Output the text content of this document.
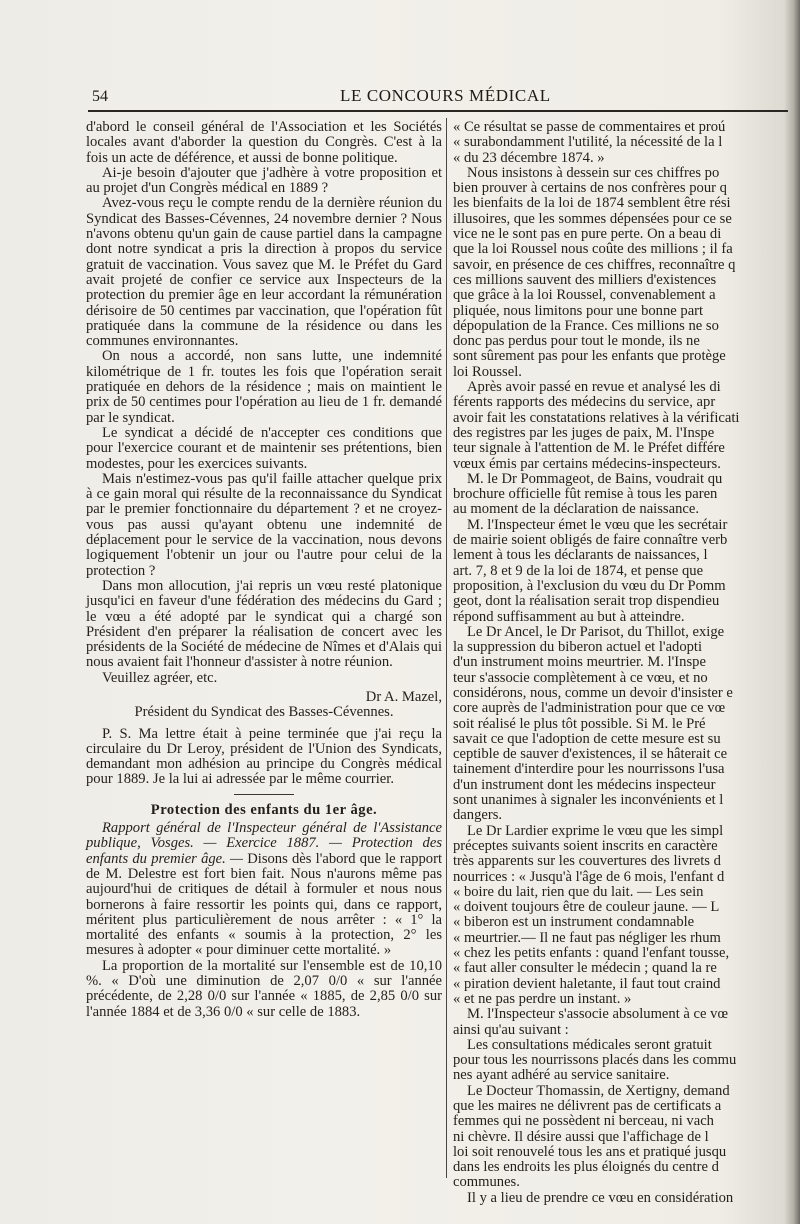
54	LE CONCOURS MÉDICAL

d'abord le conseil général de l'Association et les Sociétés locales avant d'aborder la question du Congrès. C'est à la fois un acte de déférence, et aussi de bonne politique.

Ai-je besoin d'ajouter que j'adhère à votre proposition et au projet d'un Congrès médical en 1889 ?

Avez-vous reçu le compte rendu de la dernière réunion du Syndicat des Basses-Cévennes, 24 novembre dernier ? Nous n'avons obtenu qu'un gain de cause partiel dans la campagne dont notre syndicat a pris la direction à propos du service gratuit de vaccination. Vous savez que M. le Préfet du Gard avait projeté de confier ce service aux Inspecteurs de la protection du premier âge en leur accordant la rémunération dérisoire de 50 centimes par vaccination, que l'opération fût pratiquée dans la commune de la résidence ou dans les communes environnantes.

On nous a accordé, non sans lutte, une indemnité kilométrique de 1 fr. toutes les fois que l'opération serait pratiquée en dehors de la résidence ; mais on maintient le prix de 50 centimes pour l'opération au lieu de 1 fr. demandé par le syndicat.

Le syndicat a décidé de n'accepter ces conditions que pour l'exercice courant et de maintenir ses prétentions, bien modestes, pour les exercices suivants.

Mais n'estimez-vous pas qu'il faille attacher quelque prix à ce gain moral qui résulte de la reconnaissance du Syndicat par le premier fonctionnaire du département ? et ne croyez-vous pas aussi qu'ayant obtenu une indemnité de déplacement pour le service de la vaccination, nous devons logiquement l'obtenir un jour ou l'autre pour celui de la protection ?

Dans mon allocution, j'ai repris un vœu resté platonique jusqu'ici en faveur d'une fédération des médecins du Gard ; le vœu a été adopté par le syndicat qui a chargé son Président d'en préparer la réalisation de concert avec les présidents de la Société de médecine de Nîmes et d'Alais qui nous avaient fait l'honneur d'assister à notre réunion.

Veuillez agréer, etc.

Dr A. Mazel,

Président du Syndicat des Basses-Cévennes.

P. S. Ma lettre était à peine terminée que j'ai reçu la circulaire du Dr Leroy, président de l'Union des Syndicats, demandant mon adhésion au principe du Congrès médical pour 1889. Je la lui ai adressée par le même courrier.

Protection des enfants du 1er âge.

Rapport général de l'Inspecteur général de l'Assistance publique, Vosges. — Exercice 1887. — Protection des enfants du premier âge. — Disons dès l'abord que le rapport de M. Delestre est fort bien fait. Nous n'aurons même pas aujourd'hui de critiques de détail à formuler et nous nous bornerons à faire ressortir les points qui, dans ce rapport, méritent plus particulièrement de nous arrêter : « 1° la mortalité des enfants « soumis à la protection, 2° les mesures à adopter « pour diminuer cette mortalité. »

La proportion de la mortalité sur l'ensemble est de 10,10 %. « D'où une diminution de 2,07 0/0 « sur l'année précédente, de 2,28 0/0 sur l'année « 1885, de 2,85 0/0 sur l'année 1884 et de 3,36 0/0 « sur celle de 1883.

« Ce résultat se passe de commentaires et proú
« surabondamment l'utilité, la nécessité de la l
« du 23 décembre 1874. »
Nous insistons à dessein sur ces chiffres po
bien prouver à certains de nos confrères pour q
les bienfaits de la loi de 1874 semblent être rési
illusoires, que les sommes dépensées pour ce se
vice ne le sont pas en pure perte. On a beau di
que la loi Roussel nous coûte des millions ; il fa
savoir, en présence de ces chiffres, reconnaître q
ces millions sauvent des milliers d'existences
que grâce à la loi Roussel, convenablement a
pliquée, nous limitons pour une bonne part
dépopulation de la France. Ces millions ne so
donc pas perdus pour tout le monde, ils ne
sont sûrement pas pour les enfants que protège
loi Roussel.
Après avoir passé en revue et analysé les di
férents rapports des médecins du service, apr
avoir fait les constatations relatives à la vérificati
des registres par les juges de paix, M. l'Inspe
teur signale à l'attention de M. le Préfet différe
vœux émis par certains médecins-inspecteurs.
M. le Dr Pommageot, de Bains, voudrait qu
brochure officielle fût remise à tous les paren
au moment de la déclaration de naissance.
M. l'Inspecteur émet le vœu que les secrétair
de mairie soient obligés de faire connaître verb
lement à tous les déclarants de naissances, l
art. 7, 8 et 9 de la loi de 1874, et pense que
proposition, à l'exclusion du vœu du Dr Pomm
geot, dont la réalisation serait trop dispendieu
répond suffisamment au but à atteindre.
Le Dr Ancel, le Dr Parisot, du Thillot, exige
la suppression du biberon actuel et l'adopti
d'un instrument moins meurtrier. M. l'Inspe
teur s'associe complètement à ce vœu, et no
considérons, nous, comme un devoir d'insister e
core auprès de l'administration pour que ce vœ
soit réalisé le plus tôt possible. Si M. le Pré
savait ce que l'adoption de cette mesure est su
ceptible de sauver d'existences, il se hâterait ce
tainement d'interdire pour les nourrissons l'usa
d'un instrument dont les médecins inspecteur
sont unanimes à signaler les inconvénients et l
dangers.
Le Dr Lardier exprime le vœu que les simpl
préceptes suivants soient inscrits en caractère
très apparents sur les couvertures des livrets d
nourrices : « Jusqu'à l'âge de 6 mois, l'enfant d
« boire du lait, rien que du lait. — Les sein
« doivent toujours être de couleur jaune. — L
« biberon est un instrument condamnable
« meurtrier.— Il ne faut pas négliger les rhum
« chez les petits enfants : quand l'enfant tousse,
« faut aller consulter le médecin ; quand la re
« piration devient haletante, il faut tout craind
« et ne pas perdre un instant. »
M. l'Inspecteur s'associe absolument à ce vœ
ainsi qu'au suivant :
Les consultations médicales seront gratuit
pour tous les nourrissons placés dans les commu
nes ayant adhéré au service sanitaire.
Le Docteur Thomassin, de Xertigny, demand
que les maires ne délivrent pas de certificats a
femmes qui ne possèdent ni berceau, ni vach
ni chèvre. Il désire aussi que l'affichage de l
loi soit renouvelé tous les ans et pratiqué jusqu
dans les endroits les plus éloignés du centre d
communes.
Il y a lieu de prendre ce vœu en considération
